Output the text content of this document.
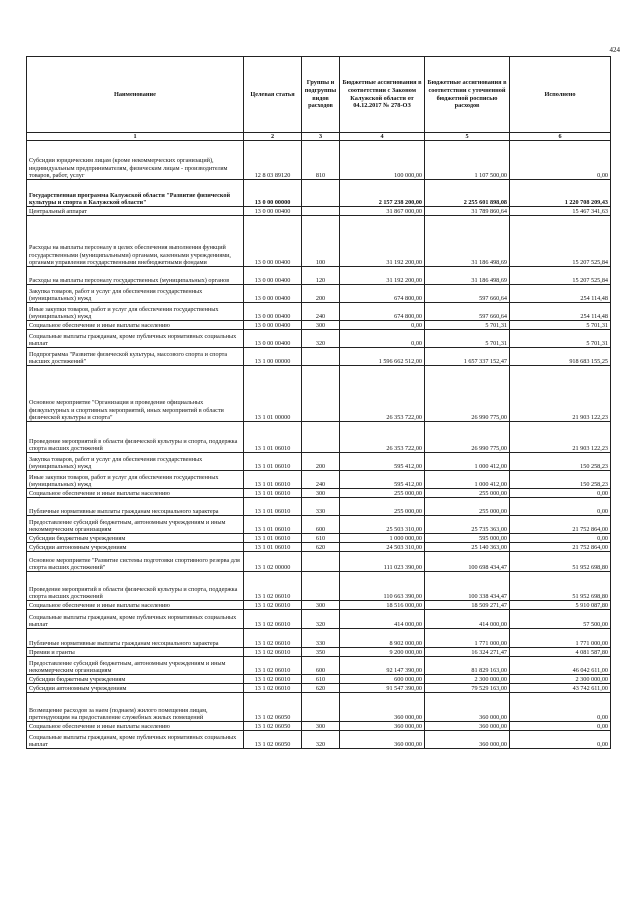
424
Наименование	Целевая статья	Группы и подгруппы видов расходов	Бюджетные ассигнования в соответствии с Законом Калужской области от 04.12.2017 № 278-ОЗ	Бюджетные ассигнования в соответствии с уточненной бюджетной росписью расходов	Исполнено
1	2	3	4	5	6
Субсидии юридическим лицам (кроме некоммерческих организаций), индивидуальным предпринимателям, физическим лицам - производителям товаров, работ, услуг	12 8 03 89120	810	100 000,00	1 107 500,00	0,00
Государственная программа Калужской области "Развитие физической культуры и спорта в Калужской области"	13 0 00 00000		2 157 238 200,00	2 255 601 898,08	1 220 708 209,43
Центральный аппарат	13 0 00 00400		31 867 000,00	31 789 860,64	15 467 341,63
Расходы на выплаты персоналу в целях обеспечения выполнения функций государственными (муниципальными) органами, казенными учреждениями, органами управления государственными внебюджетными фондами	13 0 00 00400	100	31 192 200,00	31 186 498,69	15 207 525,84
Расходы на выплаты персоналу государственных (муниципальных) органов	13 0 00 00400	120	31 192 200,00	31 186 498,69	15 207 525,84
Закупка товаров, работ и услуг для обеспечения государственных (муниципальных) нужд	13 0 00 00400	200	674 800,00	597 660,64	254 114,48
Иные закупки товаров, работ и услуг для обеспечения государственных (муниципальных) нужд	13 0 00 00400	240	674 800,00	597 660,64	254 114,48
Социальное обеспечение и иные выплаты населению	13 0 00 00400	300	0,00	5 701,31	5 701,31
Социальные выплаты гражданам, кроме публичных нормативных социальных выплат	13 0 00 00400	320	0,00	5 701,31	5 701,31
Подпрограмма "Развитие физической культуры, массового спорта и спорта высших достижений"	13 1 00 00000		1 596 662 512,00	1 657 337 152,47	918 683 155,25
Основное мероприятие "Организация и проведение официальных физкультурных и спортивных мероприятий, иных мероприятий в области физической культуры и спорта"	13 1 01 00000		26 353 722,00	26 990 775,00	21 903 122,23
Проведение мероприятий в области физической культуры и спорта, поддержка спорта высших достижений	13 1 01 06010		26 353 722,00	26 990 775,00	21 903 122,23
Закупка товаров, работ и услуг для обеспечения государственных (муниципальных) нужд	13 1 01 06010	200	595 412,00	1 000 412,00	150 258,23
Иные закупки товаров, работ и услуг для обеспечения государственных (муниципальных) нужд	13 1 01 06010	240	595 412,00	1 000 412,00	150 258,23
Социальное обеспечение и иные выплаты населению	13 1 01 06010	300	255 000,00	255 000,00	0,00
Публичные нормативные выплаты гражданам несоциального характера	13 1 01 06010	330	255 000,00	255 000,00	0,00
Предоставление субсидий бюджетным, автономным учреждениям и иным некоммерческим организациям	13 1 01 06010	600	25 503 310,00	25 735 363,00	21 752 864,00
Субсидии бюджетным учреждениям	13 1 01 06010	610	1 000 000,00	595 000,00	0,00
Субсидии автономным учреждениям	13 1 01 06010	620	24 503 310,00	25 140 363,00	21 752 864,00
Основное мероприятие "Развитие системы подготовки спортивного резерва для спорта высших достижений"	13 1 02 00000		111 023 390,00	100 698 434,47	51 952 698,80
Проведение мероприятий в области физической культуры и спорта, поддержка спорта высших достижений	13 1 02 06010		110 663 390,00	100 338 434,47	51 952 698,80
Социальное обеспечение и иные выплаты населению	13 1 02 06010	300	18 516 000,00	18 509 271,47	5 910 087,80
Социальные выплаты гражданам, кроме публичных нормативных социальных выплат	13 1 02 06010	320	414 000,00	414 000,00	57 500,00
Публичные нормативные выплаты гражданам несоциального характера	13 1 02 06010	330	8 902 000,00	1 771 000,00	1 771 000,00
Премии и гранты	13 1 02 06010	350	9 200 000,00	16 324 271,47	4 081 587,80
Предоставление субсидий бюджетным, автономным учреждениям и иным некоммерческим организациям	13 1 02 06010	600	92 147 390,00	81 829 163,00	46 042 611,00
Субсидии бюджетным учреждениям	13 1 02 06010	610	600 000,00	2 300 000,00	2 300 000,00
Субсидии автономным учреждениям	13 1 02 06010	620	91 547 390,00	79 529 163,00	43 742 611,00
Возмещение расходов за наем (поднаем) жилого помещения лицам, претендующим на предоставление служебных жилых помещений	13 1 02 06050		360 000,00	360 000,00	0,00
Социальное обеспечение и иные выплаты населению	13 1 02 06050	300	360 000,00	360 000,00	0,00
Социальные выплаты гражданам, кроме публичных нормативных социальных выплат	13 1 02 06050	320	360 000,00	360 000,00	0,00
